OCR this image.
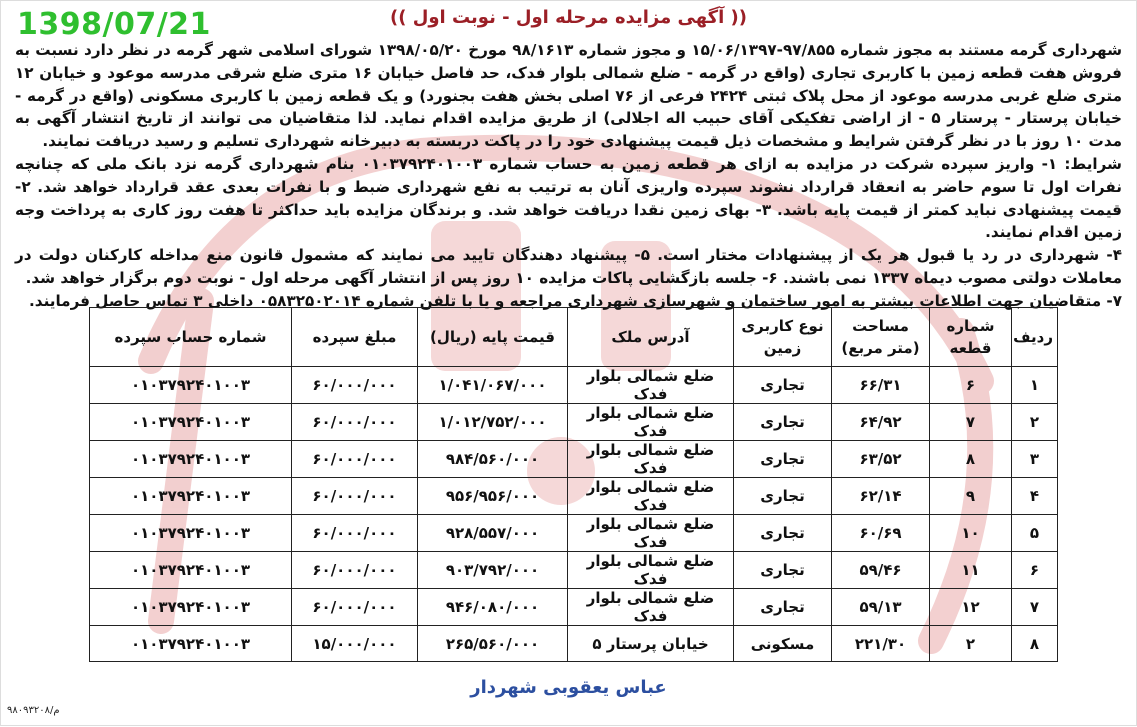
1398/07/21	(( آگهی مزایده مرحله اول - نوبت اول ))

شهرداری گرمه مستند به مجوز شماره ۹۷/۸۵۵-۱۵/۰۶/۱۳۹۷ و مجوز شماره ۹۸/۱۶۱۳ مورخ ۱۳۹۸/۰۵/۲۰ شورای اسلامی شهر گرمه در نظر دارد نسبت به فروش هفت قطعه زمین با کاربری تجاری (واقع در گرمه - ضلع شمالی بلوار فدک، حد فاصل خیابان ۱۶ متری ضلع شرقی مدرسه موعود و خیابان ۱۲ متری ضلع غربی مدرسه موعود از محل پلاک ثبتی ۲۴۲۴ فرعی از ۷۶ اصلی بخش هفت بجنورد) و یک قطعه زمین با کاربری مسکونی (واقع در گرمه - خیابان پرستار - پرستار ۵ - از اراضی تفکیکی آقای حبیب اله اجلالی) از طریق مزایده اقدام نماید. لذا متقاضیان می توانند از تاریخ انتشار آگهی به مدت ۱۰ روز با در نظر گرفتن شرایط و مشخصات ذیل قیمت پیشنهادی خود را در پاکت دربسته به دبیرخانه شهرداری تسلیم و رسید دریافت نمایند.

شرایط: ۱- واریز سپرده شرکت در مزایده به ازای هر قطعه زمین به حساب شماره ۰۱۰۳۷۹۲۴۰۱۰۰۳ بنام شهرداری گرمه نزد بانک ملی که چنانچه نفرات اول تا سوم حاضر به انعقاد قرارداد نشوند سپرده واریزی آنان به ترتیب به نفع شهرداری ضبط و با نفرات بعدی عقد قرارداد خواهد شد. ۲- قیمت پیشنهادی نباید کمتر از قیمت پایه باشد. ۳- بهای زمین نقدا دریافت خواهد شد. و برندگان مزایده باید حداکثر تا هفت روز کاری به پرداخت وجه زمین اقدام نمایند.

۴- شهرداری در رد یا قبول هر یک از پیشنهادات مختار است. ۵- پیشنهاد دهندگان تایید می نمایند که مشمول قانون منع مداخله کارکنان دولت در معاملات دولتی مصوب دیماه ۱۳۳۷ نمی باشند. ۶- جلسه بازگشایی پاکات مزایده ۱۰ روز پس از انتشار آگهی مرحله اول - نوبت دوم برگزار خواهد شد.

۷- متقاضیان جهت اطلاعات بیشتر به امور ساختمان و شهرسازی شهرداری مراجعه و یا با تلفن شماره ۰۵۸۳۲۵۰۲۰۱۴ داخلی ۳ تماس حاصل فرمایند.

ردیف	شماره قطعه	مساحت (متر مربع)	نوع کاربری زمین	آدرس ملک	قیمت پایه (ریال)	مبلغ سپرده	شماره حساب سپرده
۱	۶	۶۶/۳۱	تجاری	ضلع شمالی بلوار فدک	۱/۰۴۱/۰۶۷/۰۰۰	۶۰/۰۰۰/۰۰۰	۰۱۰۳۷۹۲۴۰۱۰۰۳
۲	۷	۶۴/۹۲	تجاری	ضلع شمالی بلوار فدک	۱/۰۱۲/۷۵۲/۰۰۰	۶۰/۰۰۰/۰۰۰	۰۱۰۳۷۹۲۴۰۱۰۰۳
۳	۸	۶۳/۵۲	تجاری	ضلع شمالی بلوار فدک	۹۸۴/۵۶۰/۰۰۰	۶۰/۰۰۰/۰۰۰	۰۱۰۳۷۹۲۴۰۱۰۰۳
۴	۹	۶۲/۱۴	تجاری	ضلع شمالی بلوار فدک	۹۵۶/۹۵۶/۰۰۰	۶۰/۰۰۰/۰۰۰	۰۱۰۳۷۹۲۴۰۱۰۰۳
۵	۱۰	۶۰/۶۹	تجاری	ضلع شمالی بلوار فدک	۹۲۸/۵۵۷/۰۰۰	۶۰/۰۰۰/۰۰۰	۰۱۰۳۷۹۲۴۰۱۰۰۳
۶	۱۱	۵۹/۴۶	تجاری	ضلع شمالی بلوار فدک	۹۰۳/۷۹۲/۰۰۰	۶۰/۰۰۰/۰۰۰	۰۱۰۳۷۹۲۴۰۱۰۰۳
۷	۱۲	۵۹/۱۳	تجاری	ضلع شمالی بلوار فدک	۹۴۶/۰۸۰/۰۰۰	۶۰/۰۰۰/۰۰۰	۰۱۰۳۷۹۲۴۰۱۰۰۳
۸	۲	۲۲۱/۳۰	مسکونی	خیابان پرستار ۵	۲۶۵/۵۶۰/۰۰۰	۱۵/۰۰۰/۰۰۰	۰۱۰۳۷۹۲۴۰۱۰۰۳
عباس یعقوبی شهردار
۹۸۰۹۳۲۰۸/م
